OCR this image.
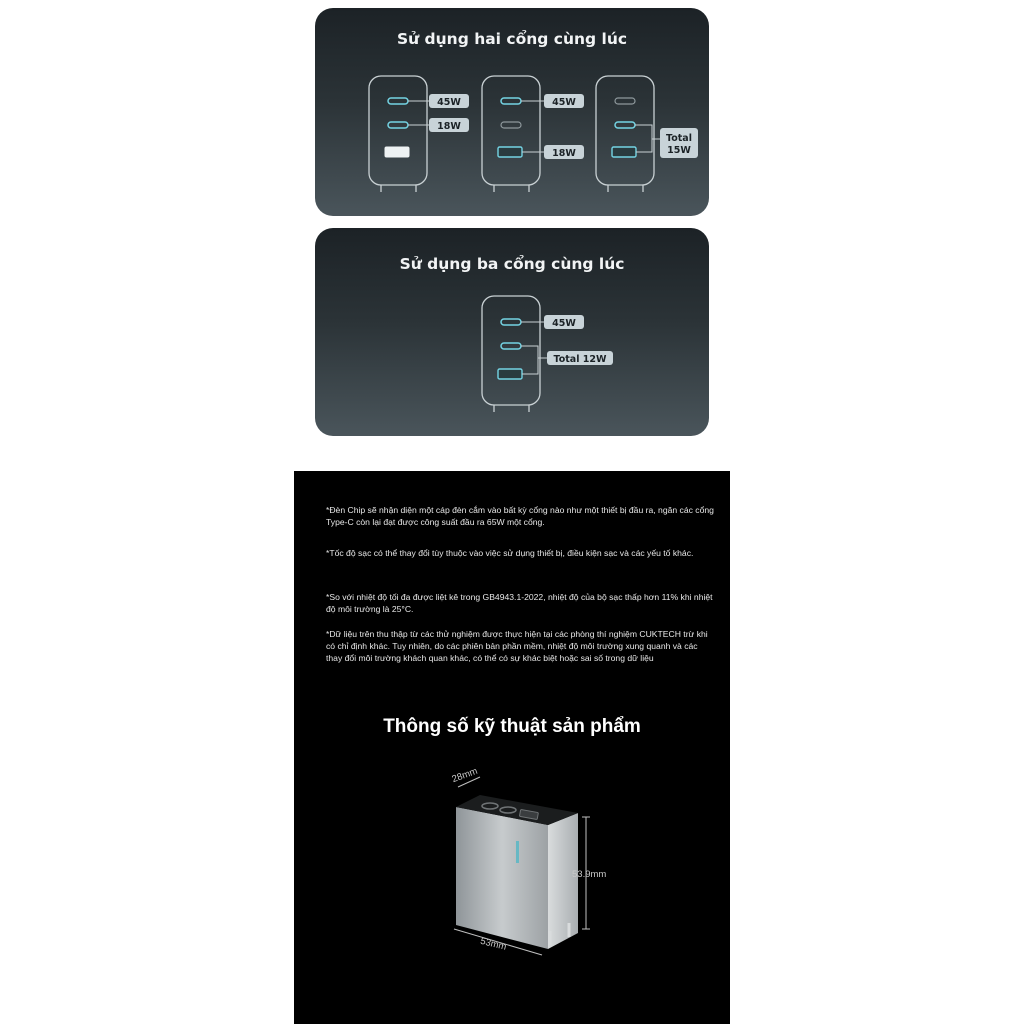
Sử dụng hai cổng cùng lúc
45W
18W
45W
18W
Total
15W
Sử dụng ba cổng cùng lúc
45W
Total 12W
*Đèn Chip sẽ nhận diện một cáp đèn cắm vào bất kỳ cổng nào như một thiết bị đầu ra, ngăn các cổng Type-C còn lại đạt được công suất đầu ra 65W một cổng.
*Tốc độ sạc có thể thay đổi tùy thuộc vào việc sử dụng thiết bị, điều kiện sạc và các yếu tố khác.
*So với nhiệt độ tối đa được liệt kê trong GB4943.1-2022, nhiệt độ của bộ sạc thấp hơn 11% khi nhiệt độ môi trường là 25°C.
*Dữ liệu trên thu thập từ các thử nghiệm được thực hiện tại các phòng thí nghiệm CUKTECH trừ khi có chỉ định khác. Tuy nhiên, do các phiên bản phần mềm, nhiệt độ môi trường xung quanh và các thay đổi môi trường khách quan khác, có thể có sự khác biệt hoặc sai số trong dữ liệu
Thông số kỹ thuật sản phẩm
28mm
53.9mm
53mm
